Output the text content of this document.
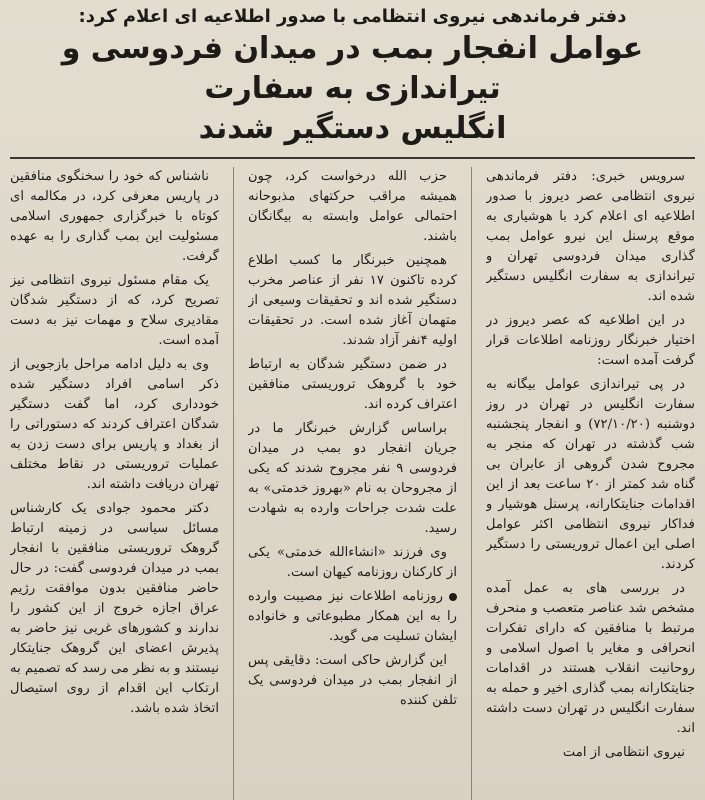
دفتر فرماندهی نیروی انتظامی با صدور اطلاعیه ای اعلام کرد:
عوامل انفجار بمب در میدان فردوسی و تیراندازی به سفارت
انگلیس دستگیر شدند

سرویس خبری: دفتر فرماندهی نیروی انتظامی عصر دیروز با صدور اطلاعیه ای اعلام کرد با هوشیاری به موقع پرسنل این نیرو عوامل بمب گذاری میدان فردوسی تهران و تیراندازی به سفارت انگلیس دستگیر شده اند.

در این اطلاعیه که عصر دیروز در اختیار خبرنگار روزنامه اطلاعات قرار گرفت آمده است:

در پی تیراندازی عوامل بیگانه به سفارت انگلیس در تهران در روز دوشنبه (۷۲/۱۰/۲۰) و انفجار پنجشنبه شب گذشته در تهران که منجر به مجروح شدن گروهی از عابران بی گناه شد کمتر از ۲۰ ساعت بعد از این اقدامات جنایتکارانه، پرسنل هوشیار و فداکار نیروی انتظامی اکثر عوامل اصلی این اعمال تروریستی را دستگیر کردند.

در بررسی های به عمل آمده مشخص شد عناصر متعصب و منحرف مرتبط با منافقین که دارای تفکرات انحرافی و مغایر با اصول اسلامی و روحانیت انقلاب هستند در اقدامات جنایتکارانه بمب گذاری اخیر و حمله به سفارت انگلیس در تهران دست داشته اند.

نیروی انتظامی از امت

حزب الله درخواست کرد، چون همیشه مراقب حرکتهای مذبوحانه احتمالی عوامل وابسته به بیگانگان باشند.

همچنین خبرنگار ما کسب اطلاع کرده تاکنون ۱۷ نفر از عناصر مخرب دستگیر شده اند و تحقیقات وسیعی از متهمان آغاز شده است. در تحقیقات اولیه ۴نفر آزاد شدند.

در ضمن دستگیر شدگان به ارتباط خود با گروهک تروریستی منافقین اعتراف کرده اند.

براساس گزارش خبرنگار ما در جریان انفجار دو بمب در میدان فردوسی ۹ نفر مجروح شدند که یکی از مجروحان به نام «بهروز خدمتی» به علت شدت جراحات وارده به شهادت رسید.

وی فرزند «انشاءالله خدمتی» یکی از کارکنان روزنامه کیهان است.

روزنامه اطلاعات نیز مصیبت وارده را به این همکار مطبوعاتی و خانواده ایشان تسلیت می گوید.

این گزارش حاکی است: دقایقی پس از انفجار بمب در میدان فردوسی یک تلفن کننده

ناشناس که خود را سخنگوی منافقین در پاریس معرفی کرد، در مکالمه ای کوتاه با خبرگزاری جمهوری اسلامی مسئولیت این بمب گذاری را به عهده گرفت.

یک مقام مسئول نیروی انتظامی نیز تصریح کرد، که از دستگیر شدگان مقادیری سلاح و مهمات نیز به دست آمده است.

وی به دلیل ادامه مراحل بازجویی از ذکر اسامی افراد دستگیر شده خودداری کرد، اما گفت دستگیر شدگان اعتراف کردند که دستوراتی را از بغداد و پاریس برای دست زدن به عملیات تروریستی در نقاط مختلف تهران دریافت داشته اند.

دکتر محمود جوادی یک کارشناس مسائل سیاسی در زمینه ارتباط گروهک تروریستی منافقین با انفجار بمب در میدان فردوسی گفت: در حال حاضر منافقین بدون موافقت رژیم عراق اجازه خروج از این کشور را ندارند و کشورهای غربی نیز حاضر به پذیرش اعضای این گروهک جنایتکار نیستند و به نظر می رسد که تصمیم به ارتکاب این اقدام از روی استیصال اتخاذ شده باشد.
